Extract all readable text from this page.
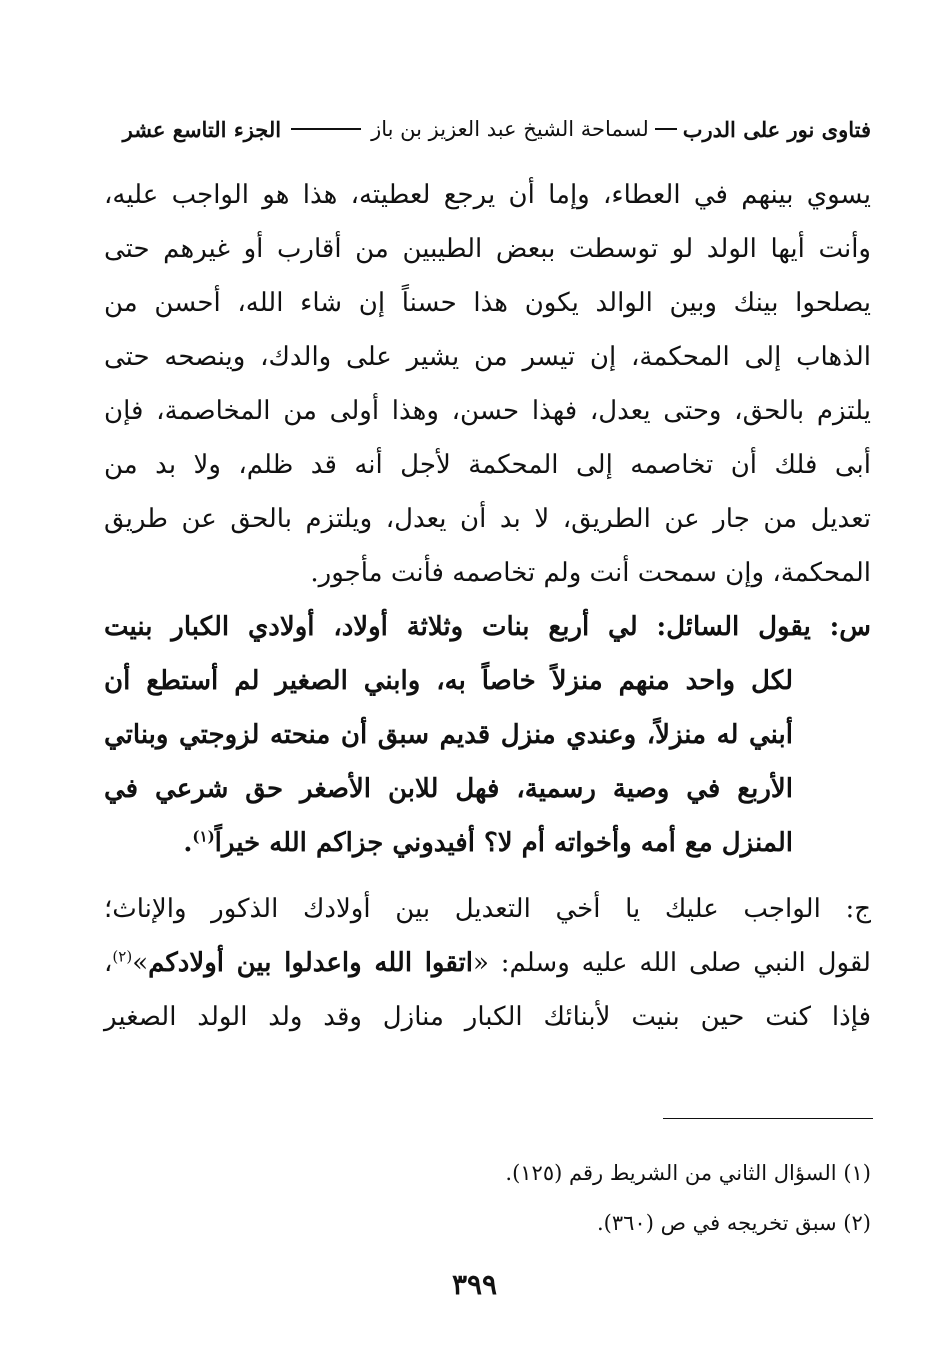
فتاوى نور على الدرب
لسماحة الشيخ عبد العزيز بن باز
الجزء التاسع عشر
يسوي بينهم في العطاء، وإما أن يرجع لعطيته، هذا هو الواجب عليه،
وأنت أيها الولد لو توسطت ببعض الطيبين من أقارب أو غيرهم حتى
يصلحوا بينك وبين الوالد يكون هذا حسناً إن شاء الله، أحسن من
الذهاب إلى المحكمة، إن تيسر من يشير على والدك، وينصحه حتى
يلتزم بالحق، وحتى يعدل، فهذا حسن، وهذا أولى من المخاصمة، فإن
أبى فلك أن تخاصمه إلى المحكمة لأجل أنه قد ظلم، ولا بد من
تعديل من جار عن الطريق، لا بد أن يعدل، ويلتزم بالحق عن طريق
المحكمة، وإن سمحت أنت ولم تخاصمه فأنت مأجور.
س: يقول السائل: لي أربع بنات وثلاثة أولاد، أولادي الكبار بنيت
لكل واحد منهم منزلاً خاصاً به، وابني الصغير لم أستطع أن
أبني له منزلاً، وعندي منزل قديم سبق أن منحته لزوجتي وبناتي
الأربع في وصية رسمية، فهل للابن الأصغر حق شرعي في
المنزل مع أمه وأخواته أم لا؟ أفيدوني جزاكم الله خيراً$^{(١)}$.
ج: الواجب عليك يا أخي التعديل بين أولادك الذكور والإناث؛
لقول النبي صلى الله عليه وسلم: «اتقوا الله واعدلوا بين أولادكم»$^{(٢)}$،
فإذا كنت حين بنيت لأبنائك الكبار منازل وقد ولد الولد الصغير
(١) السؤال الثاني من الشريط رقم (١٢٥).
(٢) سبق تخريجه في ص (٣٦٠).
٣٩٩
